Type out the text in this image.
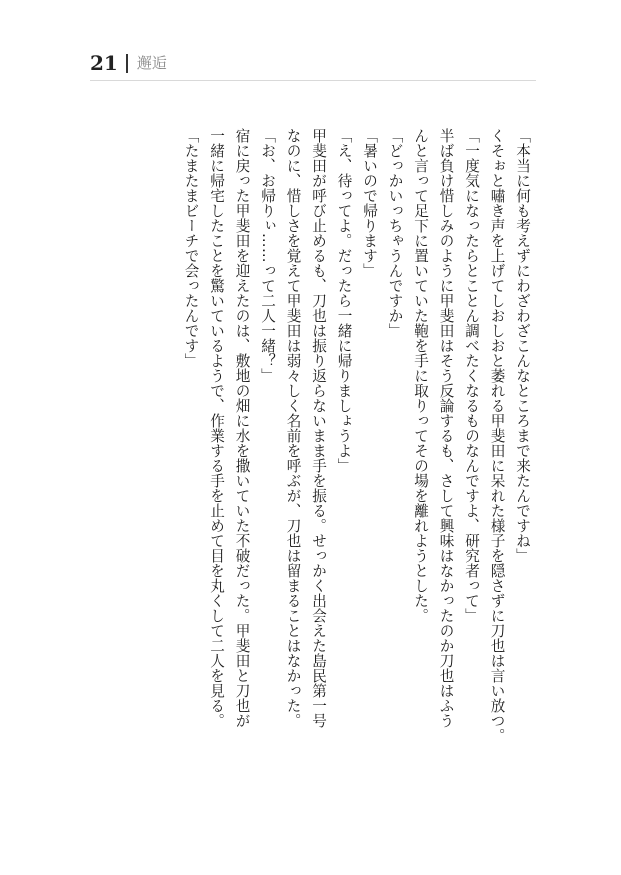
21 邂逅
「本当に何も考えずにわざわざこんなところまで来たんですね」
くそぉと嘯き声を上げてしおしおと萎れる甲斐田に呆れた様子を隠さずに刀也は言い放つ。
「一度気になったらとことん調べたくなるものなんですよ、研究者って」
半ば負け惜しみのように甲斐田はそう反論するも、さして興味はなかったのか刀也はふう
んと言って足下に置いていた鞄を手に取りってその場を離れようとした。
「どっかいっちゃうんですか」
「暑いので帰ります」
「え、待ってよ。だったら一緒に帰りましょうよ」
甲斐田が呼び止めるも、刀也は振り返らないまま手を振る。せっかく出会えた島民第一号
なのに、惜しさを覚えて甲斐田は弱々しく名前を呼ぶが、刀也は留まることはなかった。
「お、お帰りぃ……って二人一緒？」
宿に戻った甲斐田を迎えたのは、敷地の畑に水を撒いていた不破だった。甲斐田と刀也が
一緒に帰宅したことを驚いているようで、作業する手を止めて目を丸くして二人を見る。
「たまたまビーチで会ったんです」
